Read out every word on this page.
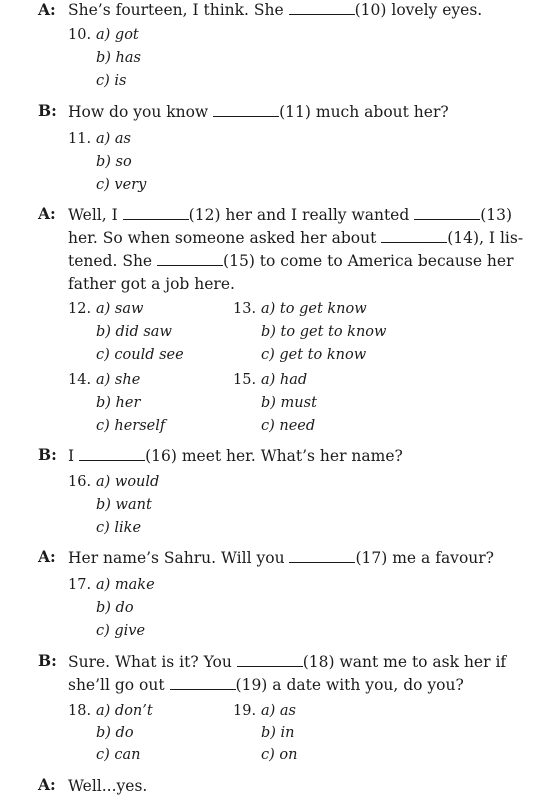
A: She’s fourteen, I think. She	(10) lovely eyes.
10. a) got
b) has
c) is
B: How do you know	(11) much about her?
11. a) as
b) so
c) very
A: Well, I	(12) her and I really wanted	(13)
her. So when someone asked her about	(14), I lis-
tened. She	(15) to come to America because her
father got a job here.
12. a) saw
b) did saw
c) could see
13. a) to get know
b) to get to know
c) get to know
14. a) she
b) her
c) herself
15. a) had
b) must
c) need
B: I	(16) meet her. What’s her name?
16. a) would
b) want
c) like
A: Her name’s Sahru. Will you	(17) me a favour?
17. a) make
b) do
c) give
B: Sure. What is it? You	(18) want me to ask her if
she’ll go out	(19) a date with you, do you?
18. a) don’t
b) do
c) can
19. a) as
b) in
c) on
A: Well...yes.
